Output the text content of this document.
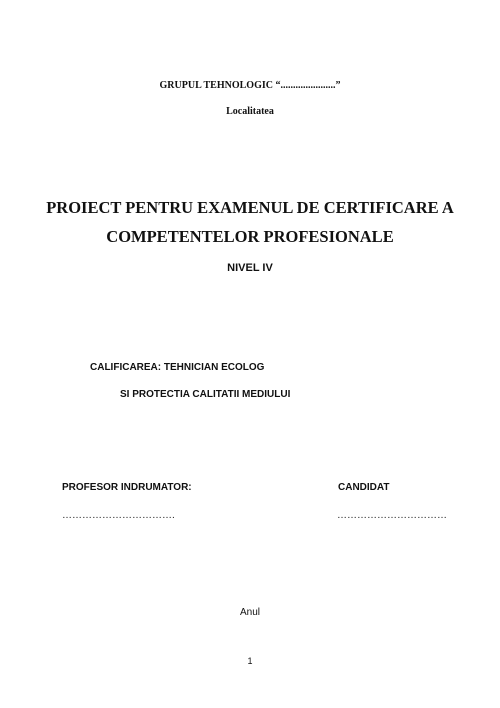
GRUPUL TEHNOLOGIC “......................”
Localitatea
PROIECT PENTRU EXAMENUL DE CERTIFICARE A
COMPETENTELOR PROFESIONALE
NIVEL IV
CALIFICAREA: TEHNICIAN ECOLOG
SI PROTECTIA CALITATII MEDIULUI
PROFESOR INDRUMATOR:	CANDIDAT
…………………………….	……………………………
Anul
1
